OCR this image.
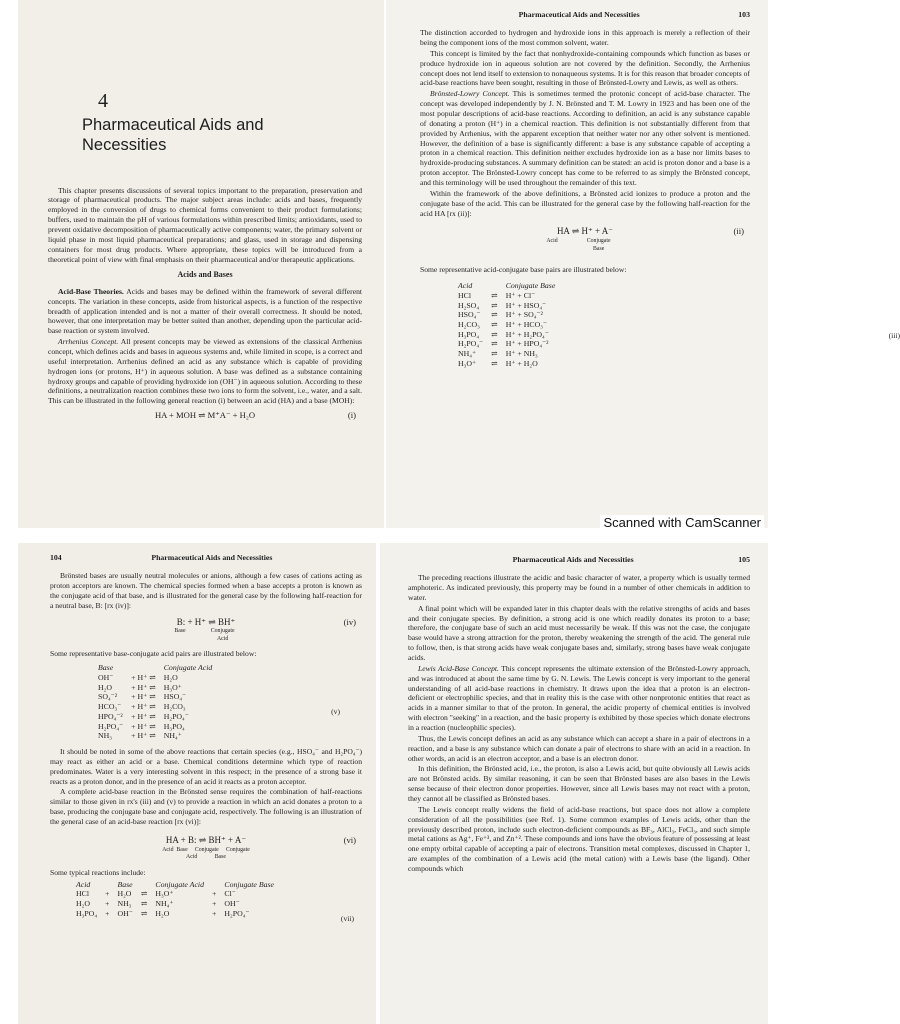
4
Pharmaceutical Aids and
Necessities

This chapter presents discussions of several topics important to the preparation, preservation and storage of pharmaceutical products. The major subject areas include: acids and bases, frequently employed in the conversion of drugs to chemical forms convenient to their product formulations; buffers, used to maintain the pH of various formulations within prescribed limits; antioxidants, used to prevent oxidative decomposition of pharmaceutically active components; water, the primary solvent or liquid phase in most liquid pharmaceutical preparations; and glass, used in storage and dispensing containers for most drug products. Where appropriate, these topics will be introduced from a theoretical point of view with final emphasis on their pharmaceutical and/or therapeutic applications.

Acids and Bases

Acid-Base Theories. Acids and bases may be defined within the framework of several different concepts. The variation in these concepts, aside from historical aspects, is a function of the respective breadth of application intended and is not a matter of their overall correctness. It should be noted, however, that one interpretation may be better suited than another, depending upon the particular acid-base reaction or system involved.

Arrhenius Concept. All present concepts may be viewed as extensions of the classical Arrhenius concept, which defines acids and bases in aqueous systems and, while limited in scope, is a correct and useful interpretation. Arrhenius defined an acid as any substance which is capable of providing hydrogen ions (or protons, H⁺) in aqueous solution. A base was defined as a substance containing hydroxy groups and capable of providing hydroxide ion (OH⁻) in aqueous solution. According to these definitions, a neutralization reaction combines these two ions to form the solvent, i.e., water, and a salt. This can be illustrated in the following general reaction (i) between an acid (HA) and a base (MOH):

HA + MOH ⇌ M⁺A⁻ + H₂O	(i)
Pharmaceutical Aids and Necessities	103

The distinction accorded to hydrogen and hydroxide ions in this approach is merely a reflection of their being the component ions of the most common solvent, water.

This concept is limited by the fact that nonhydroxide-containing compounds which function as bases or produce hydroxide ion in aqueous solution are not covered by the definition. Secondly, the Arrhenius concept does not lend itself to extension to nonaqueous systems. It is for this reason that broader concepts of acid-base reactions have been sought, resulting in those of Brönsted-Lowry and Lewis, as well as others.

Brönsted-Lowry Concept. This is sometimes termed the protonic concept of acid-base character. The concept was developed independently by J. N. Brönsted and T. M. Lowry in 1923 and has been one of the most popular descriptions of acid-base reactions. According to definition, an acid is any substance capable of donating a proton (H⁺) in a chemical reaction. This definition is not substantially different from that provided by Arrhenius, with the apparent exception that neither water nor any other solvent is mentioned. However, the definition of a base is significantly different: a base is any substance capable of accepting a proton in a chemical reaction. This definition neither excludes hydroxide ion as a base nor limits bases to hydroxide-producing substances. A summary definition can be stated: an acid is proton donor and a base is a proton acceptor. The Brönsted-Lowry concept has come to be referred to as simply the Brönsted concept, and this terminology will be used throughout the remainder of this text.

Within the framework of the above definitions, a Brönsted acid ionizes to produce a proton and the conjugate base of the acid. This can be illustrated for the general case by the following half-reaction for the acid HA [rx (ii)]:

HA ⇌ H⁺ + A⁻
Acid	Conjugate Base
(ii)

Some representative acid-conjugate base pairs are illustrated below:

Acid		Conjugate Base
HCl	⇌	H⁺ + Cl⁻
H₂SO₄	⇌	H⁺ + HSO₄⁻
HSO₄⁻	⇌	H⁺ + SO₄⁻²
H₂CO₃	⇌	H⁺ + HCO₃⁻
H₃PO₄	⇌	H⁺ + H₂PO₄⁻
H₂PO₄⁻	⇌	H⁺ + HPO₄⁻²
NH₄⁺	⇌	H⁺ + NH₃
H₃O⁺	⇌	H⁺ + H₂O
(iii)
Scanned with CamScanner
104	Pharmaceutical Aids and Necessities

Brönsted bases are usually neutral molecules or anions, although a few cases of cations acting as proton acceptors are known. The chemical species formed when a base accepts a proton is known as the conjugate acid of that base, and is illustrated for the general case by the following half-reaction for a neutral base, B: [rx (iv)]:

B: + H⁺ ⇌ BH⁺
Base	Conjugate Acid
(iv)

Some representative base-conjugate acid pairs are illustrated below:

Base		Conjugate Acid
OH⁻	+ H⁺ ⇌	H₂O
H₂O	+ H⁺ ⇌	H₃O⁺
SO₄⁻²	+ H⁺ ⇌	HSO₄⁻
HCO₃⁻	+ H⁺ ⇌	H₂CO₃
HPO₄⁻²	+ H⁺ ⇌	H₂PO₄⁻
H₂PO₄⁻	+ H⁺ ⇌	H₃PO₄
NH₃	+ H⁺ ⇌	NH₄⁺
(v)

It should be noted in some of the above reactions that certain species (e.g., HSO₄⁻ and H₂PO₄⁻) may react as either an acid or a base. Chemical conditions determine which type of reaction predominates. Water is a very interesting solvent in this respect; in the presence of a strong base it reacts as a proton donor, and in the presence of an acid it reacts as a proton acceptor.

A complete acid-base reaction in the Brönsted sense requires the combination of half-reactions similar to those given in rx's (iii) and (v) to provide a reaction in which an acid donates a proton to a base, producing the conjugate base and conjugate acid, respectively. The following is an illustration of the general case of an acid-base reaction [rx (vi)]:

HA + B: ⇌ BH⁺ + A⁻
Acid  Base     Conjugate     Conjugate
Acid            Base
(vi)

Some typical reactions include:

Acid		Base		Conjugate Acid		Conjugate Base
HCl	+	H₂O	⇌	H₃O⁺	+	Cl⁻
H₂O	+	NH₃	⇌	NH₄⁺	+	OH⁻
H₃PO₄	+	OH⁻	⇌	H₂O	+	H₂PO₄⁻
(vii)
Pharmaceutical Aids and Necessities	105

The preceding reactions illustrate the acidic and basic character of water, a property which is usually termed amphoteric. As indicated previously, this property may be found in a number of other chemicals in addition to water.

A final point which will be expanded later in this chapter deals with the relative strengths of acids and bases and their conjugate species. By definition, a strong acid is one which readily donates its proton to a base; therefore, the conjugate base of such an acid must necessarily be weak. If this was not the case, the conjugate base would have a strong attraction for the proton, thereby weakening the strength of the acid. The general rule to follow, then, is that strong acids have weak conjugate bases and, similarly, strong bases have weak conjugate acids.

Lewis Acid-Base Concept. This concept represents the ultimate extension of the Brönsted-Lowry approach, and was introduced at about the same time by G. N. Lewis. The Lewis concept is very important to the general understanding of all acid-base reactions in chemistry. It draws upon the idea that a proton is an electron-deficient or electrophilic species, and that in reality this is the case with other nonprotonic entities that react as acids in a manner similar to that of the proton. In general, the acidic property of chemical entities is involved with electron "seeking" in a reaction, and the basic property is exhibited by those species which donate electrons in a reaction (nucleophilic species).

Thus, the Lewis concept defines an acid as any substance which can accept a share in a pair of electrons in a reaction, and a base is any substance which can donate a pair of electrons to share with an acid in a reaction. In other words, an acid is an electron acceptor, and a base is an electron donor.

In this definition, the Brönsted acid, i.e., the proton, is also a Lewis acid, but quite obviously all Lewis acids are not Brönsted acids. By similar reasoning, it can be seen that Brönsted bases are also bases in the Lewis sense because of their electron donor properties. However, since all Lewis bases may not react with a proton, they cannot all be classified as Brönsted bases.

The Lewis concept really widens the field of acid-base reactions, but space does not allow a complete consideration of all the possibilities (see Ref. 1). Some common examples of Lewis acids, other than the previously described proton, include such electron-deficient compounds as BF₃, AlCl₃, FeCl₃, and such simple metal cations as Ag⁺, Fe⁺³, and Zn⁺². These compounds and ions have the obvious feature of possessing at least one empty orbital capable of accepting a pair of electrons. Transition metal complexes, discussed in Chapter 1, are examples of the combination of a Lewis acid (the metal cation) with a Lewis base (the ligand). Other compounds which
